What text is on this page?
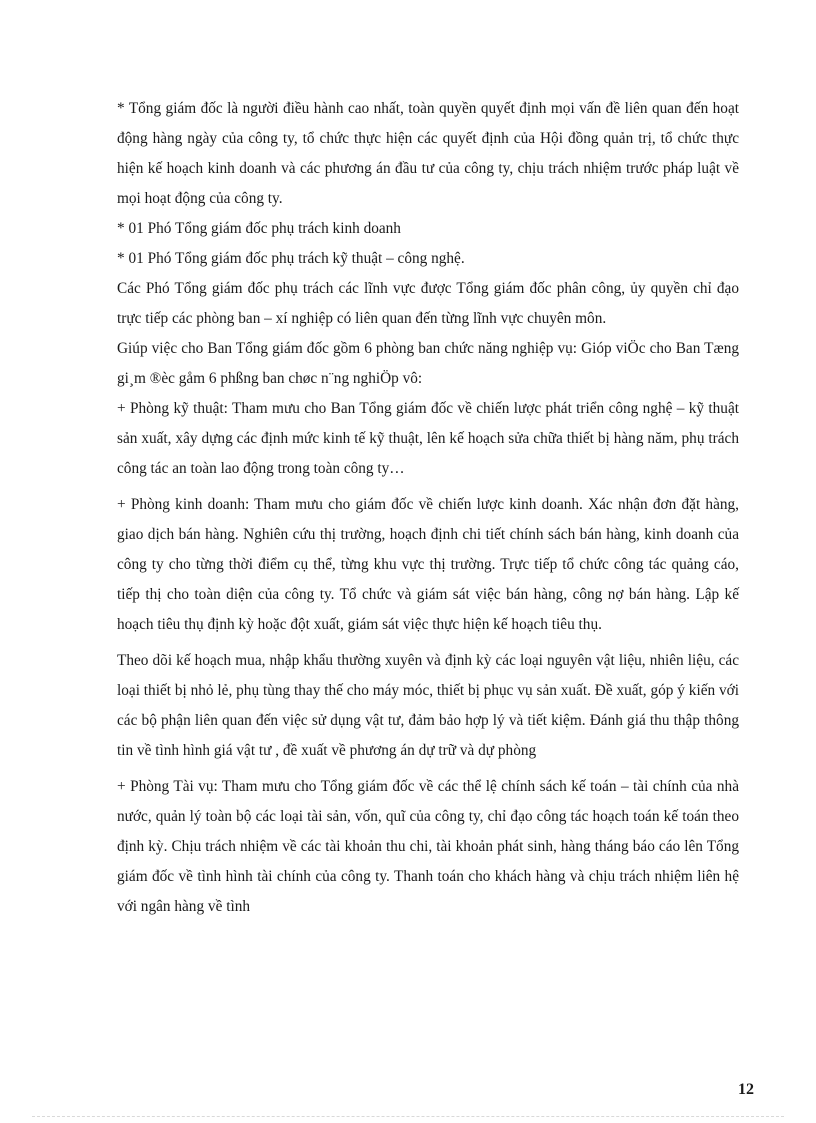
* Tổng giám đốc là người điều hành cao nhất, toàn quyền quyết định mọi vấn đề liên quan đến hoạt động hàng ngày của công ty, tổ chức thực hiện các quyết định của Hội đồng quản trị, tổ chức thực hiện kế hoạch kinh doanh và các phương án đầu tư của công ty, chịu trách nhiệm trước pháp luật về mọi hoạt động của công ty.

* 01 Phó Tổng giám đốc phụ trách kinh doanh

* 01 Phó Tổng giám đốc phụ trách kỹ thuật – công nghệ.

Các Phó Tổng giám đốc phụ trách các lĩnh vực được Tổng giám đốc phân công, ủy quyền chỉ đạo trực tiếp các phòng ban – xí nghiệp có liên quan đến từng lĩnh vực chuyên môn.

Giúp việc cho Ban Tổng giám đốc gồm 6 phòng ban chức năng nghiệp vụ: Gióp viÖc cho Ban Tæng gi¸m ®èc gåm 6 phßng ban chøc n¨ng nghiÖp vô:

+ Phòng kỹ thuật: Tham mưu cho Ban Tổng giám đốc về chiến lược phát triển công nghệ – kỹ thuật sản xuất, xây dựng các định mức kinh tế kỹ thuật, lên kế hoạch sửa chữa thiết bị hàng năm, phụ trách công tác an toàn lao động trong toàn công ty…

+ Phòng kinh doanh: Tham mưu cho giám đốc về chiến lược kinh doanh. Xác nhận đơn đặt hàng, giao dịch bán hàng. Nghiên cứu thị trường, hoạch định chi tiết chính sách bán hàng, kinh doanh của công ty cho từng thời điểm cụ thể, từng khu vực thị trường. Trực tiếp tổ chức công tác quảng cáo, tiếp thị cho toàn diện của công ty. Tổ chức và giám sát việc bán hàng, công nợ bán hàng. Lập kế hoạch tiêu thụ định kỳ hoặc đột xuất, giám sát việc thực hiện kế hoạch tiêu thụ.

Theo dõi kế hoạch mua, nhập khẩu thường xuyên và định kỳ các loại nguyên vật liệu, nhiên liệu, các loại thiết bị nhỏ lẻ, phụ tùng thay thế cho máy móc, thiết bị phục vụ sản xuất. Đề xuất, góp ý kiến với các bộ phận liên quan đến việc sử dụng vật tư, đảm bảo hợp lý và tiết kiệm. Đánh giá thu thập thông tin về tình hình giá vật tư , đề xuất về phương án dự trữ và dự phòng

+ Phòng Tài vụ: Tham mưu cho Tổng giám đốc về các thể lệ chính sách kế toán – tài chính của nhà nước, quản lý toàn bộ các loại tài sản, vốn, quĩ của công ty, chỉ đạo công tác hoạch toán kế toán theo định kỳ. Chịu trách nhiệm về các tài khoản thu chi, tài khoản phát sinh, hàng tháng báo cáo lên Tổng giám đốc về tình hình tài chính của công ty. Thanh toán cho khách hàng và chịu trách nhiệm liên hệ với ngân hàng về tình

12
